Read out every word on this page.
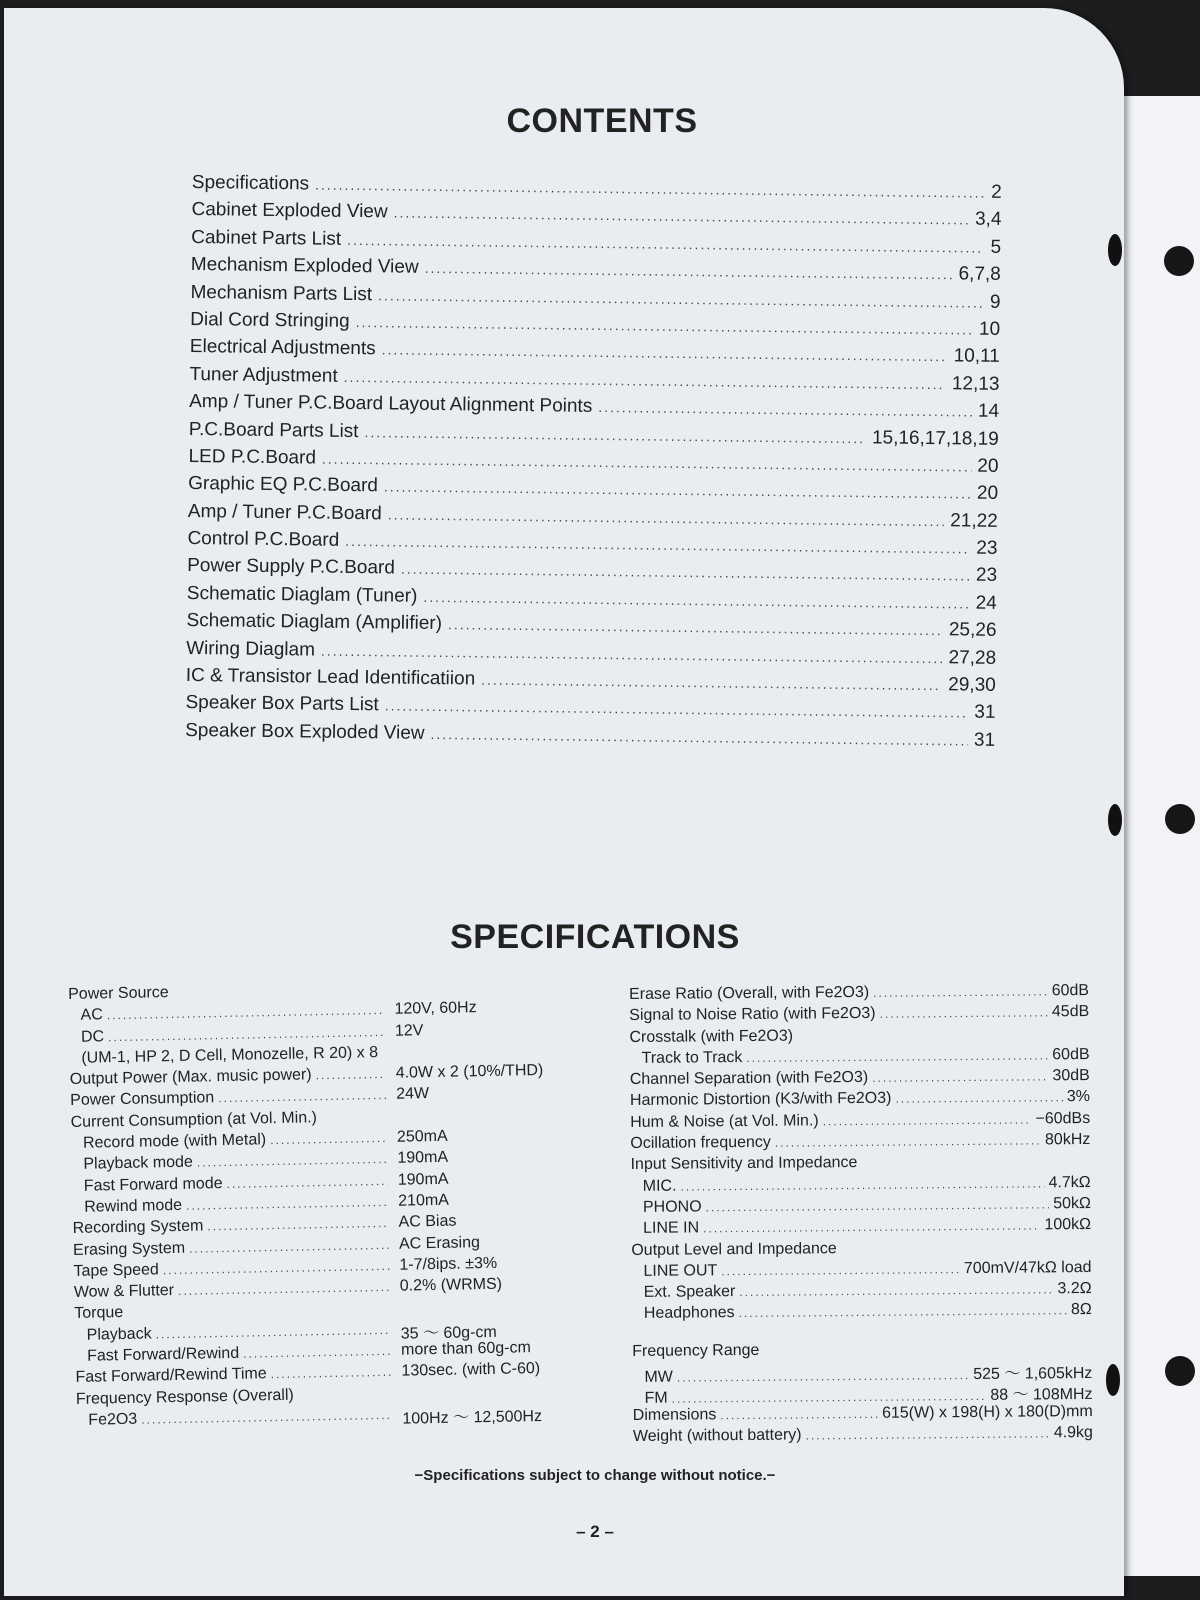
CONTENTS
Specifications .....	2
Cabinet Exploded View .....	3,4
Cabinet Parts List .....	5
Mechanism Exploded View .....	6,7,8
Mechanism Parts List .....	9
Dial Cord Stringing .....	10
Electrical Adjustments .....	10,11
Tuner Adjustment .....	12,13
Amp / Tuner P.C.Board Layout Alignment Points .....	14
P.C.Board Parts List .....	15,16,17,18,19
LED P.C.Board .....	20
Graphic EQ P.C.Board .....	20
Amp / Tuner P.C.Board .....	21,22
Control P.C.Board .....	23
Power Supply P.C.Board .....	23
Schematic Diaglam (Tuner) .....	24
Schematic Diaglam (Amplifier) .....	25,26
Wiring Diaglam .....	27,28
IC & Transistor Lead Identificatiion .....	29,30
Speaker Box Parts List .....	31
Speaker Box Exploded View .....	31
SPECIFICATIONS
Power Source
AC .....	120V, 60Hz
DC .....	12V
(UM-1, HP 2, D Cell, Monozelle, R 20) x 8
Output Power (Max. music power) .....	4.0W x 2 (10%/THD)
Power Consumption .....	24W
Current Consumption (at Vol. Min.)
Record mode (with Metal) .....	250mA
Playback mode .....	190mA
Fast Forward mode .....	190mA
Rewind mode .....	210mA
Recording System .....	AC Bias
Erasing System .....	AC Erasing
Tape Speed .....	1-7/8ips. ±3%
Wow & Flutter .....	0.2% (WRMS)
Torque
Playback .....	35 ～ 60g-cm
Fast Forward/Rewind .....	more than 60g-cm
Fast Forward/Rewind Time .....	130sec. (with C-60)
Frequency Response (Overall)
Fe2O3 .....	100Hz ～ 12,500Hz
Erase Ratio (Overall, with Fe2O3) .....	60dB
Signal to Noise Ratio (with Fe2O3) .....	45dB
Crosstalk (with Fe2O3)
Track to Track .....	60dB
Channel Separation (with Fe2O3) .....	30dB
Harmonic Distortion (K3/with Fe2O3) .....	3%
Hum & Noise (at Vol. Min.) .....	−60dBs
Ocillation frequency .....	80kHz
Input Sensitivity and Impedance
MIC. .....	4.7kΩ
PHONO .....	50kΩ
LINE IN .....	100kΩ
Output Level and Impedance
LINE OUT .....	700mV/47kΩ load
Ext. Speaker .....	3.2Ω
Headphones .....	8Ω
Frequency Range
MW .....	525 ～ 1,605kHz
FM .....	88 ～ 108MHz
Dimensions .....	615(W) x 198(H) x 180(D)mm
Weight (without battery) .....	4.9kg
−Specifications subject to change without notice.−
– 2 –
